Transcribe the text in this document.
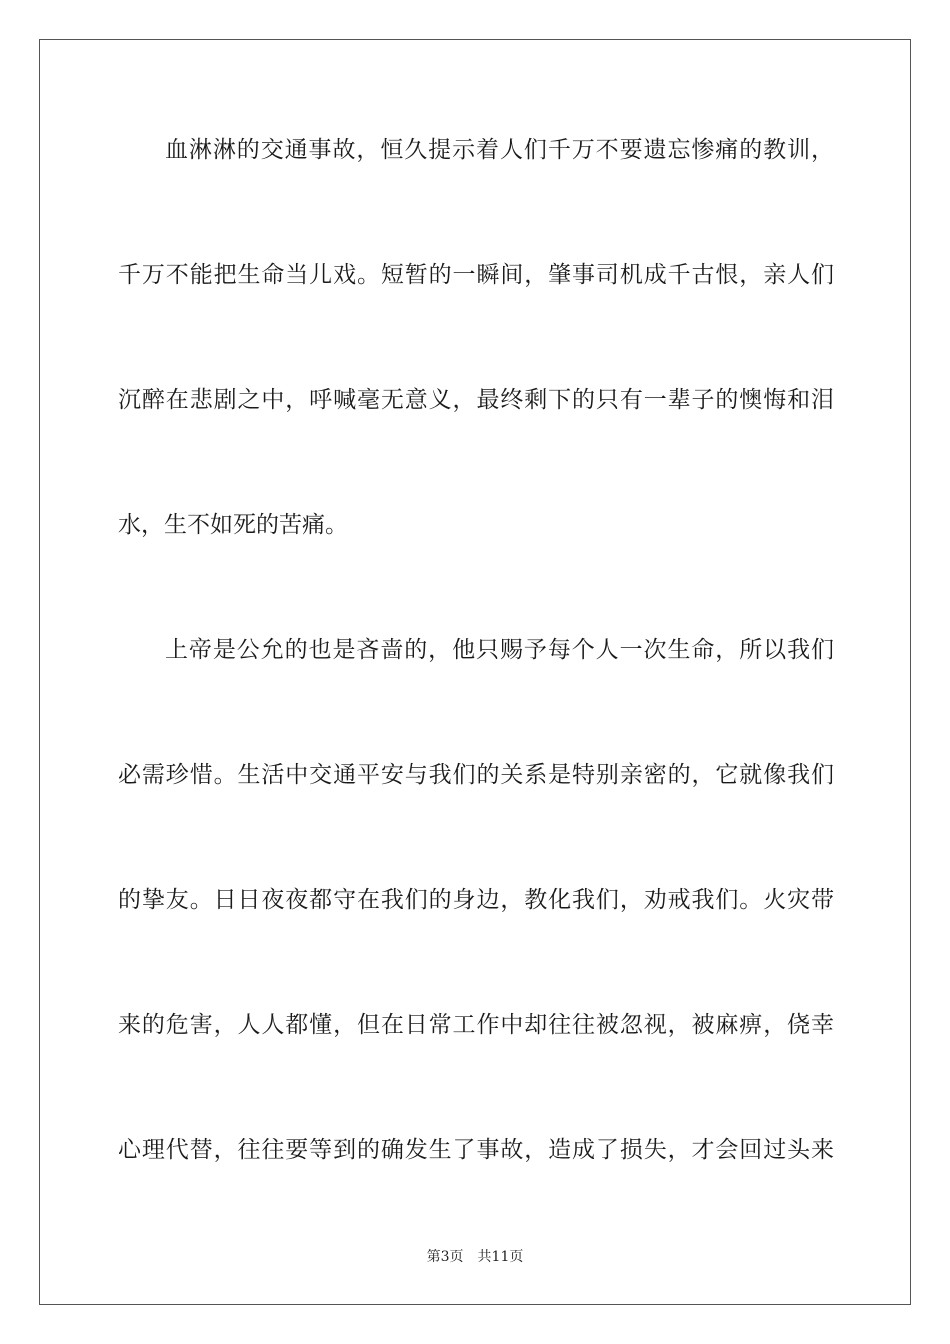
血淋淋的交通事故，恒久提示着人们千万不要遗忘惨痛的教训，
千万不能把生命当儿戏。短暂的一瞬间，肇事司机成千古恨，亲人们
沉醉在悲剧之中，呼喊毫无意义，最终剩下的只有一辈子的懊悔和泪
水，生不如死的苦痛。
上帝是公允的也是吝啬的，他只赐予每个人一次生命，所以我们
必需珍惜。生活中交通平安与我们的关系是特别亲密的，它就像我们
的挚友。日日夜夜都守在我们的身边，教化我们，劝戒我们。火灾带
来的危害，人人都懂，但在日常工作中却往往被忽视，被麻痹，侥幸
心理代替，往往要等到的确发生了事故，造成了损失，才会回过头来
第3页 共11页
